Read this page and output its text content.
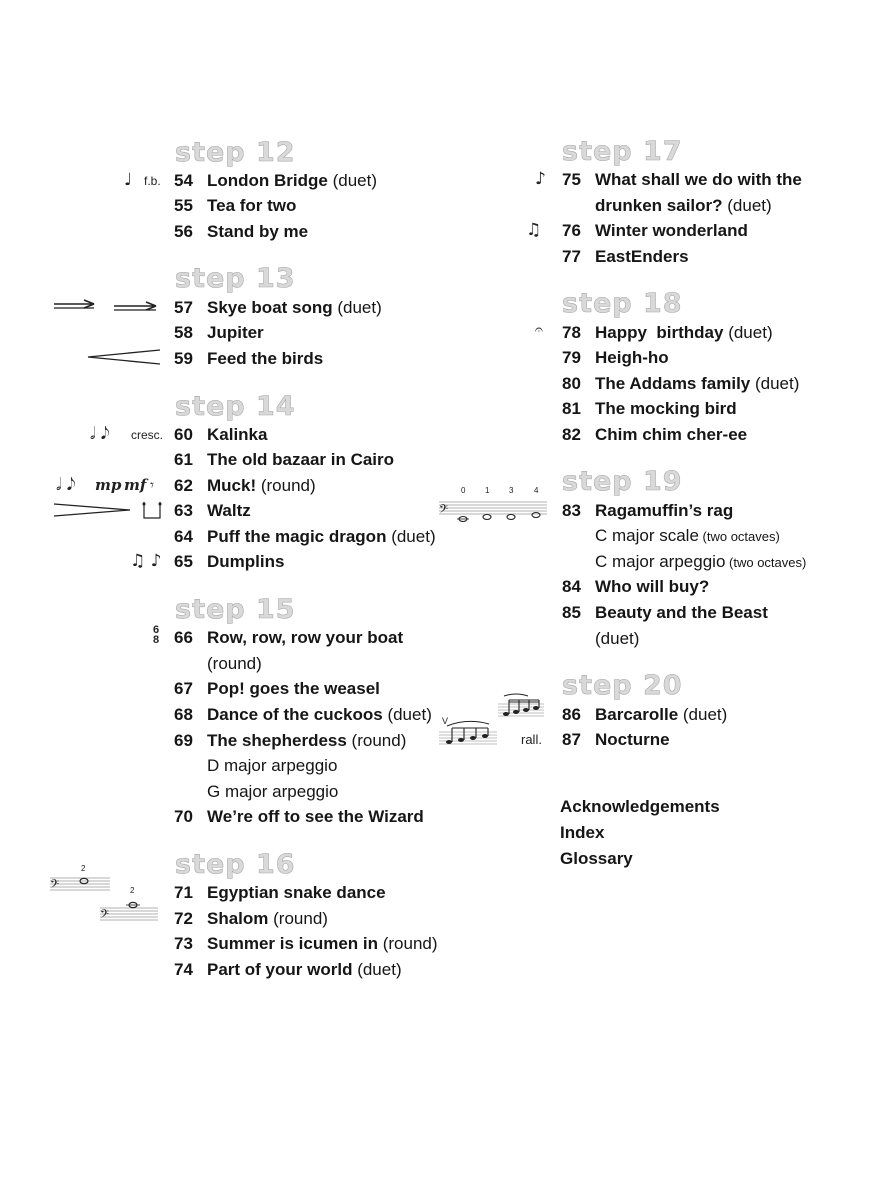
step 12
54 London Bridge (duet)
55 Tea for two
56 Stand by me
step 13
57 Skye boat song (duet)
58 Jupiter
59 Feed the birds
step 14
60 Kalinka
61 The old bazaar in Cairo
62 Muck! (round)
63 Waltz
64 Puff the magic dragon (duet)
65 Dumplins
step 15
66 Row, row, row your boat
(round)
67 Pop! goes the weasel
68 Dance of the cuckoos (duet)
69 The shepherdess (round)
D major arpeggio
G major arpeggio
70 We’re off to see the Wizard
step 16
71 Egyptian snake dance
72 Shalom (round)
73 Summer is icumen in (round)
74 Part of your world (duet)
step 17
75 What shall we do with the
drunken sailor? (duet)
76 Winter wonderland
77 EastEnders
step 18
78 Happy  birthday (duet)
79 Heigh-ho
80 The Addams family (duet)
81 The mocking bird
82 Chim chim cher-ee
step 19
83 Ragamuffin’s rag
C major scale (two octaves)
C major arpeggio (two octaves)
84 Who will buy?
85 Beauty and the Beast
(duet)
step 20
86 Barcarolle (duet)
87 Nocturne
Acknowledgements
Index
Glossary
♩ f.b.
𝅗𝅥 𝅘𝅥𝅮 cresc.
𝅗𝅥 𝅘𝅥𝅮 mp mf 𝄾
♫ ♪
6
8
𝄢
2
𝄢
2
♪
♫
𝄐
𝄢
0 1 3	4
V
rall.
